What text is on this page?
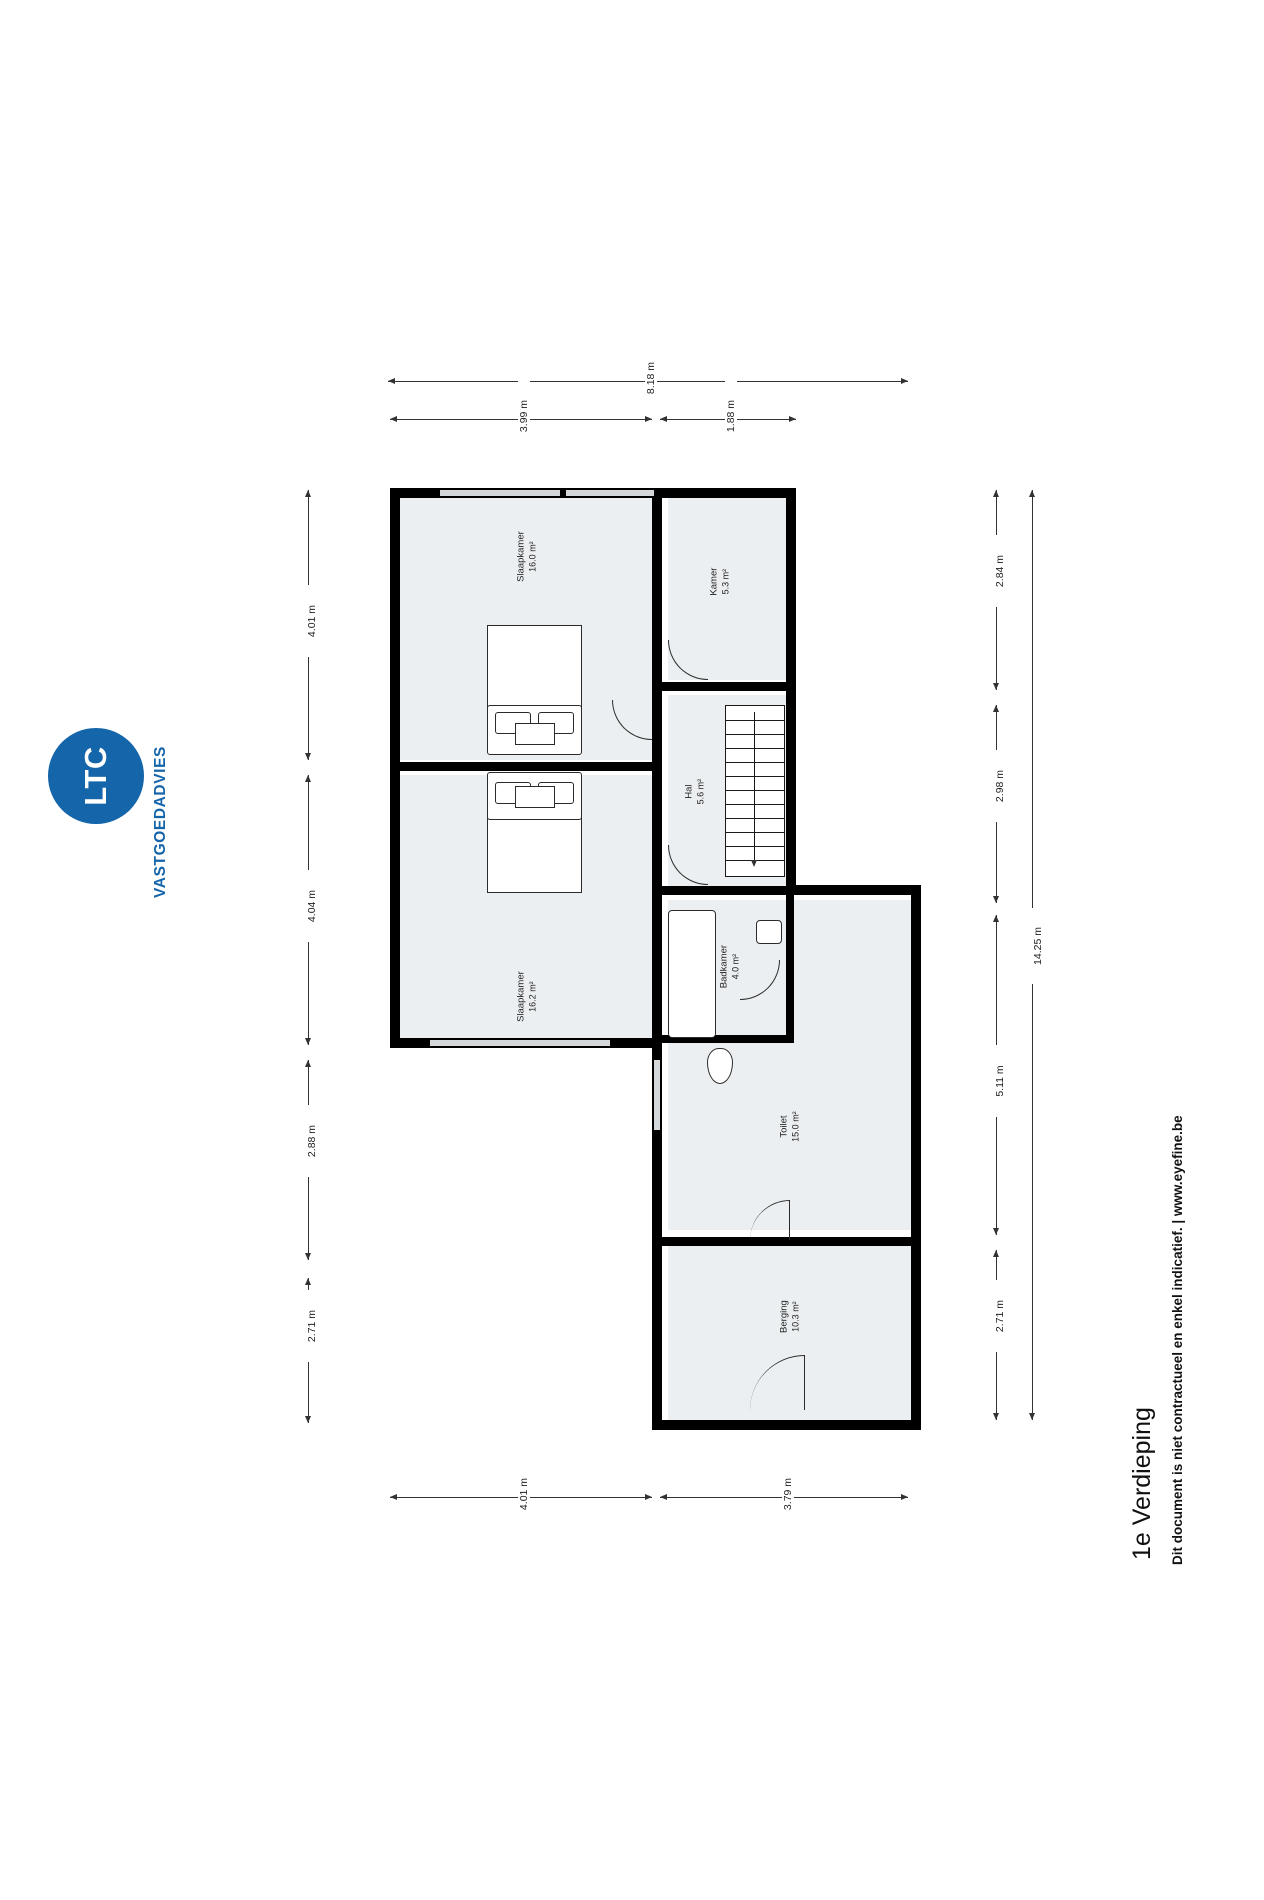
LTC	VASTGOEDADVIES
Slaapkamer 16.0 m²
Kamer 5.3 m²
Hal 5.6 m²
Slaapkamer 16.2 m²
Badkamer 4.0 m²
Toilet 15.0 m²
Berging 10.3 m²
8.18 m
3.99 m	1.88 m
4.01 m
4.04 m
2.88 m
2.71 m
2.84 m
2.98 m
5.11 m
2.71 m
14.25 m
4.01 m	3.79 m	1e Verdieping Dit document is niet contractueel en enkel indicatief. | www.eyefine.be
